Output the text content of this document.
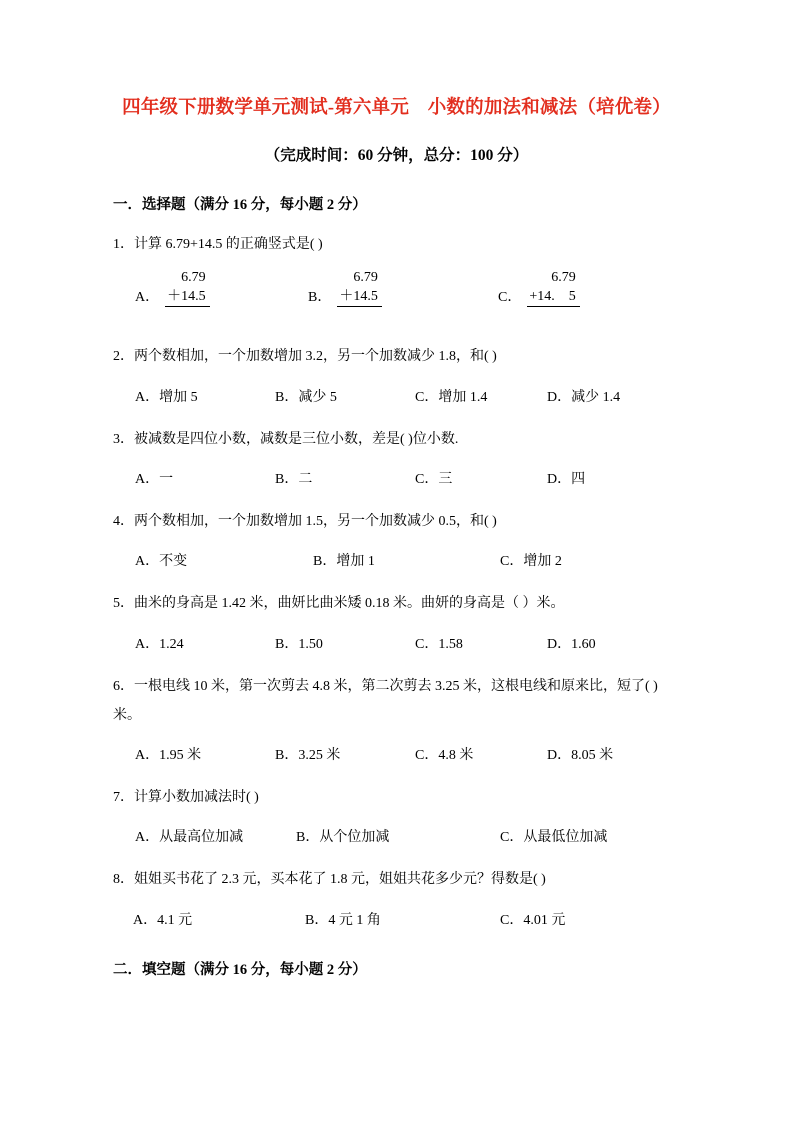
四年级下册数学单元测试-第六单元　小数的加法和减法（培优卷）

（完成时间：60 分钟，总分：100 分）

一．选择题（满分 16 分，每小题 2 分）

1．计算 6.79+14.5 的正确竖式是( )

A．
6.79
＋14.5	B．
6.79
＋14.5	C．
6.79
+14.　5

2．两个数相加，一个加数增加 3.2，另一个加数减少 1.8，和( )

A．增加 5	B．减少 5	C．增加 1.4	D．减少 1.4

3．被减数是四位小数，减数是三位小数，差是( )位小数.

A．一	B．二	C．三	D．四

4．两个数相加，一个加数增加 1.5，另一个加数减少 0.5，和( )

A．不变	B．增加 1	C．增加 2

5．曲米的身高是 1.42 米，曲妍比曲米矮 0.18 米。曲妍的身高是（ ）米。

A．1.24	B．1.50	C．1.58	D．1.60

6．一根电线 10 米，第一次剪去 4.8 米，第二次剪去 3.25 米，这根电线和原来比，短了( )
米。

A．1.95 米	B．3.25 米	C．4.8 米	D．8.05 米

7．计算小数加减法时( )

A．从最高位加减	B．从个位加减	C．从最低位加减

8．姐姐买书花了 2.3 元，买本花了 1.8 元，姐姐共花多少元？得数是( )

A．4.1 元	B．4 元 1 角	C．4.01 元

二．填空题（满分 16 分，每小题 2 分）
